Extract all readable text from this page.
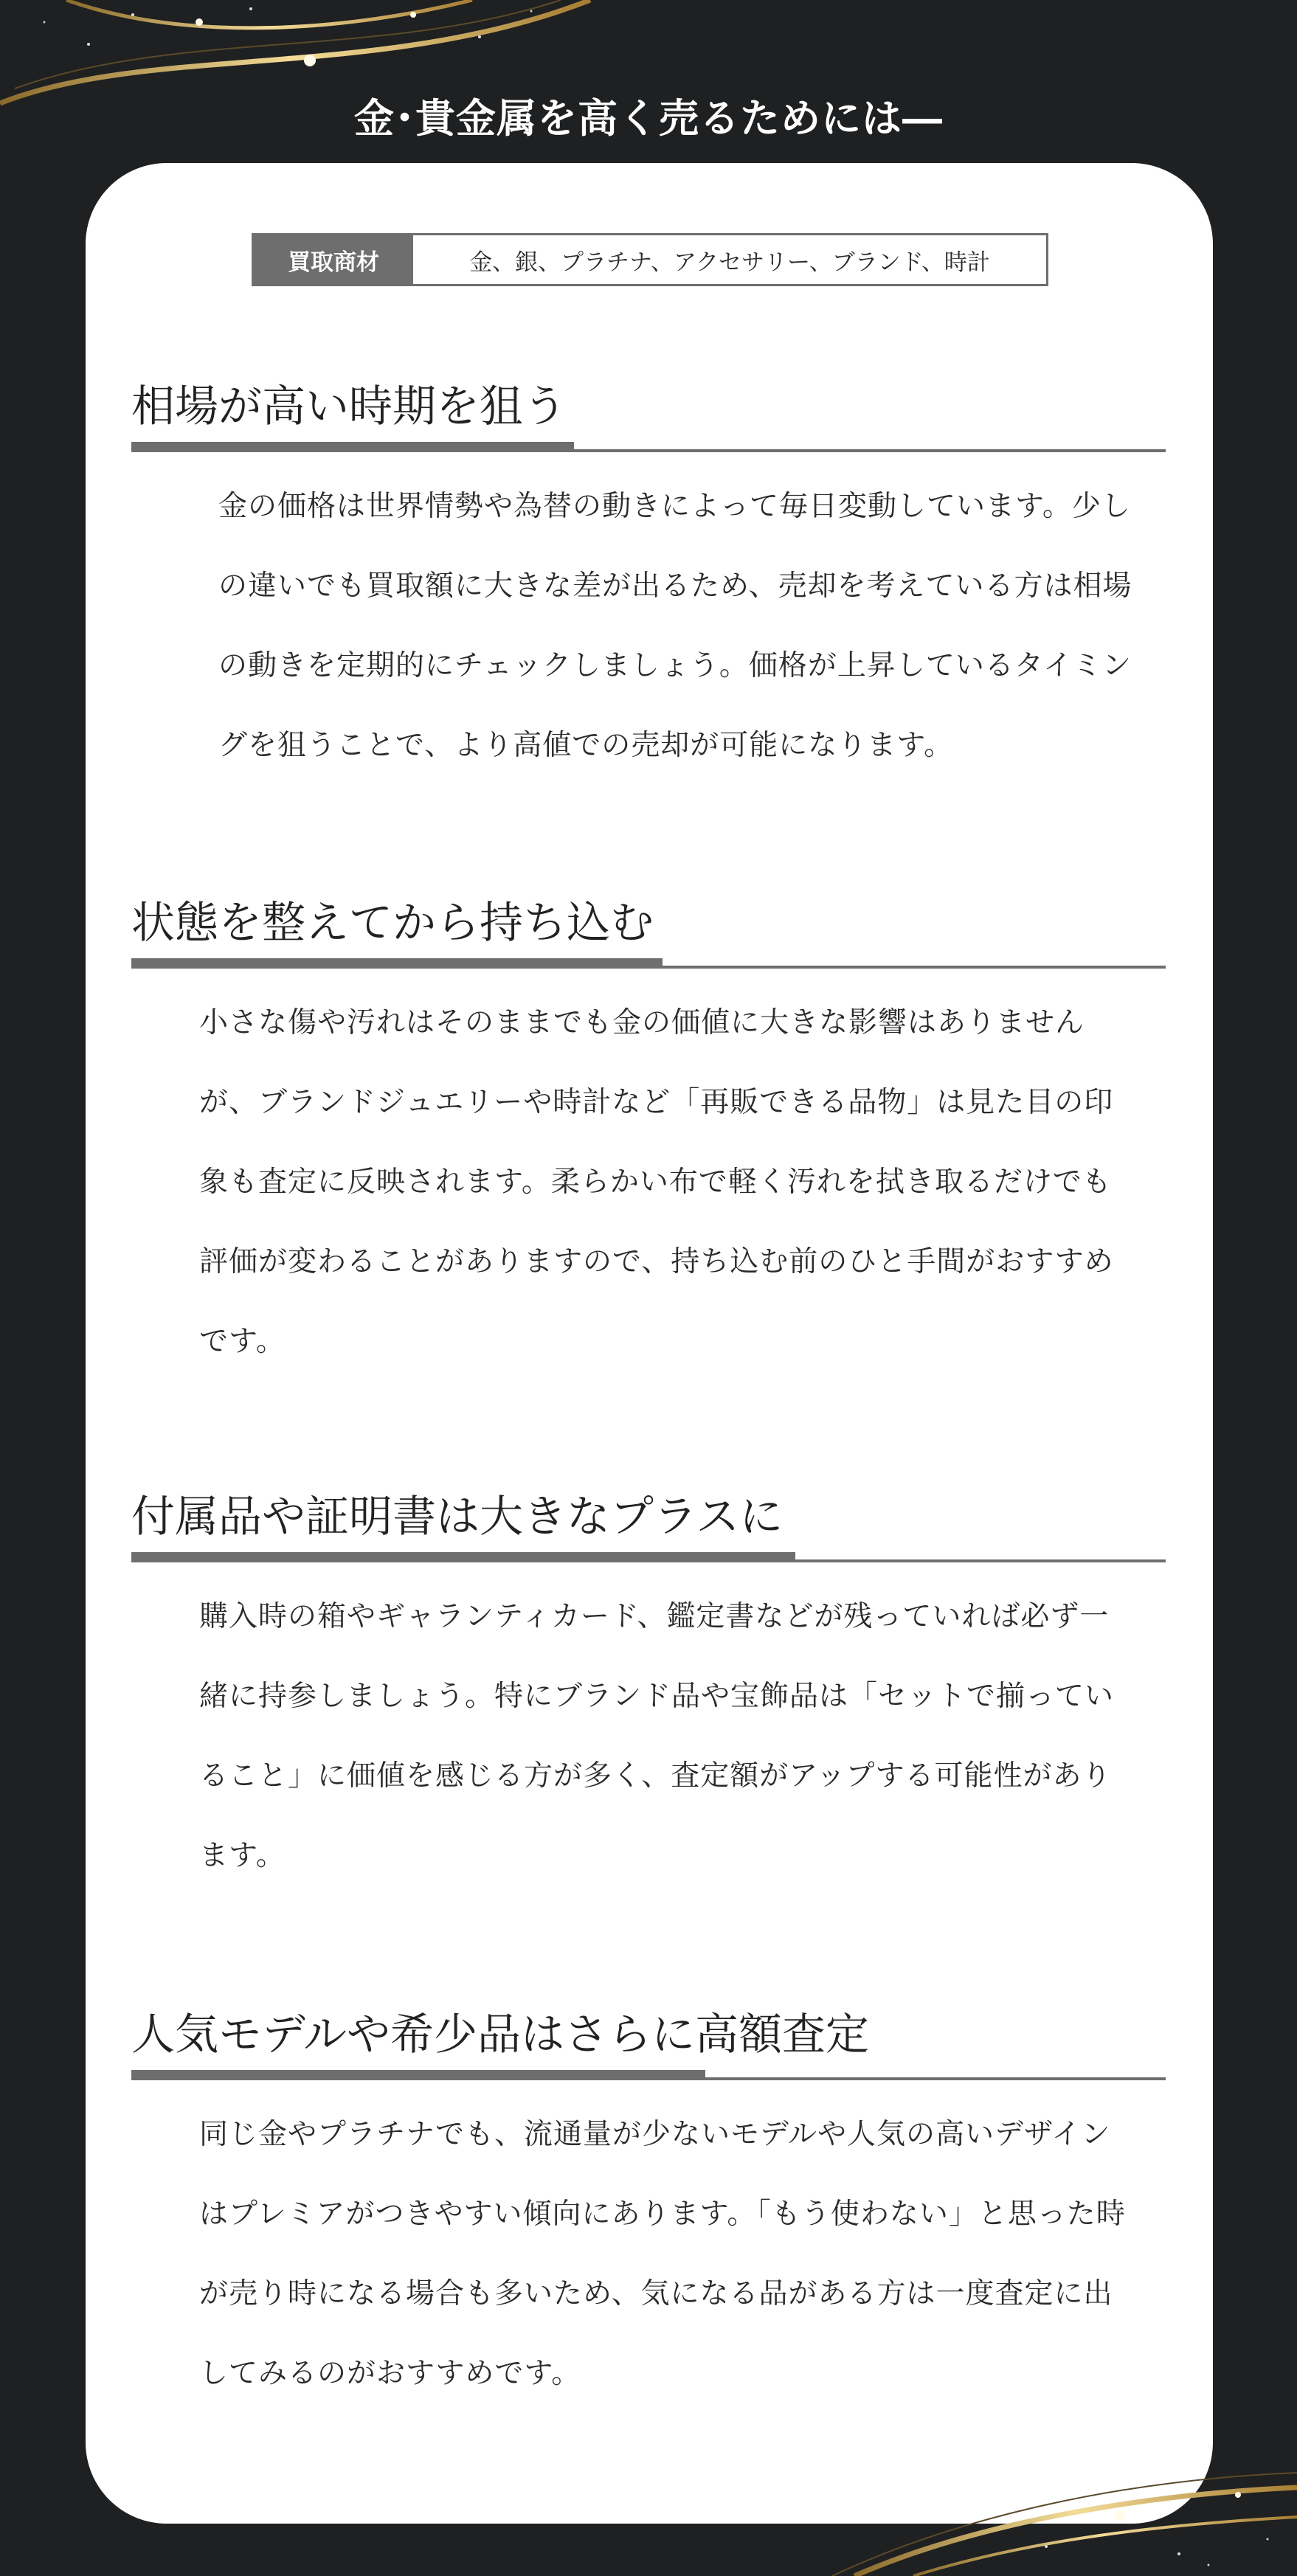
金･貴金属を高く売るためには―
買取商材	金、銀、プラチナ、アクセサリー、ブランド、時計
相場が高い時期を狙う

金の価格は世界情勢や為替の動きによって毎日変動しています。少しの違いでも買取額に大きな差が出るため、売却を考えている方は相場の動きを定期的にチェックしましょう。価格が上昇しているタイミングを狙うことで、より高値での売却が可能になります。

状態を整えてから持ち込む

小さな傷や汚れはそのままでも金の価値に大きな影響はありませんが、ブランドジュエリーや時計など「再販できる品物」は見た目の印象も査定に反映されます。柔らかい布で軽く汚れを拭き取るだけでも評価が変わることがありますので、持ち込む前のひと手間がおすすめです。

付属品や証明書は大きなプラスに

購入時の箱やギャランティカード、鑑定書などが残っていれば必ず一緒に持参しましょう。特にブランド品や宝飾品は「セットで揃っていること」に価値を感じる方が多く、査定額がアップする可能性があります。

人気モデルや希少品はさらに高額査定

同じ金やプラチナでも、流通量が少ないモデルや人気の高いデザインはプレミアがつきやすい傾向にあります。「もう使わない」と思った時が売り時になる場合も多いため、気になる品がある方は一度査定に出してみるのがおすすめです。
